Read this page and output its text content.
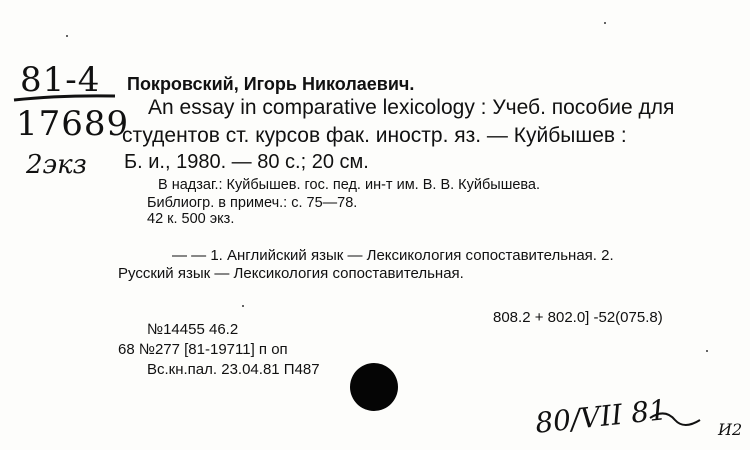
81-4
17689
2экз
Покровский, Игорь Николаевич.
An essay in comparative lexicology : Учеб. пособие для
студентов ст. курсов фак. иностр. яз. — Куйбышев :
Б. и., 1980. — 80 с.; 20 см.
В надзаг.: Куйбышев. гос. пед. ин-т им. В. В. Куйбышева.
Библиогр. в примеч.: с. 75—78.
42 к. 500 экз.
— — 1. Английский язык — Лексикология сопоставительная. 2.
Русский язык — Лексикология сопоставительная.
808.2 + 802.0] -52(075.8)
№14455 46.2
68 №277 [81-19711] п оп
Вс.кн.пал. 23.04.81 П487
80/VII 81	И2
